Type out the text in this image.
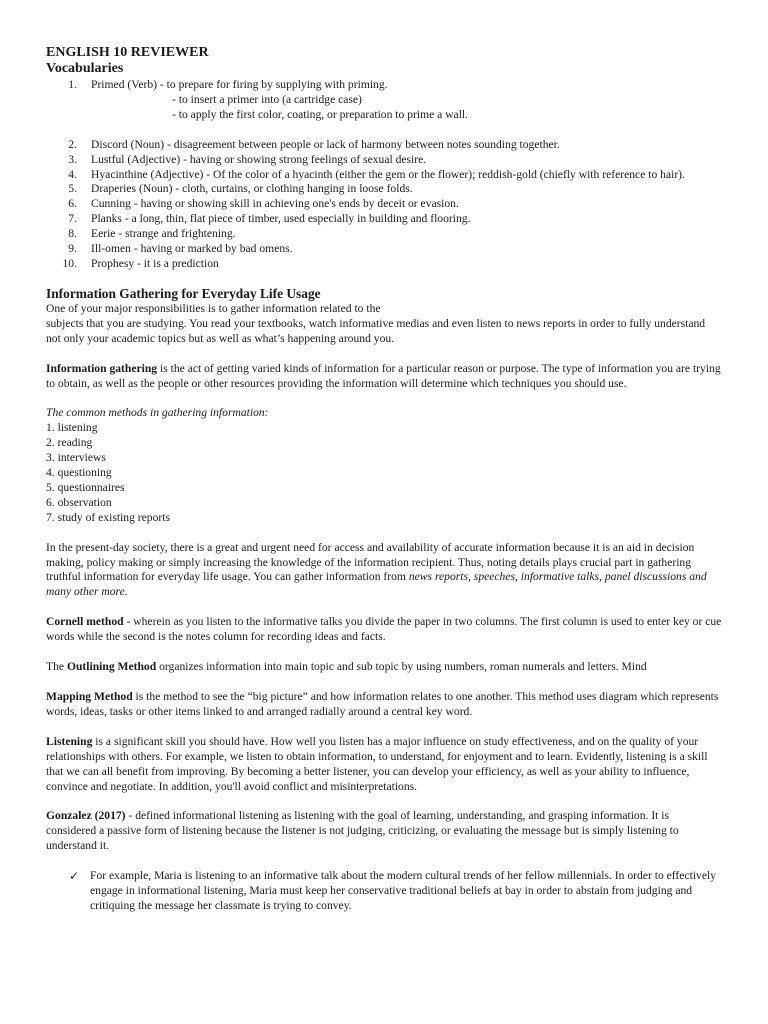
ENGLISH 10 REVIEWER
Vocabularies
1. Primed (Verb) - to prepare for firing by supplying with priming.
- to insert a primer into (a cartridge case)
- to apply the first color, coating, or preparation to prime a wall.
2. Discord (Noun) - disagreement between people or lack of harmony between notes sounding together.
3. Lustful (Adjective) - having or showing strong feelings of sexual desire.
4. Hyacinthine (Adjective) - Of the color of a hyacinth (either the gem or the flower); reddish-gold (chiefly with reference to hair).
5. Draperies (Noun) - cloth, curtains, or clothing hanging in loose folds.
6. Cunning - having or showing skill in achieving one's ends by deceit or evasion.
7. Planks - a long, thin, flat piece of timber, used especially in building and flooring.
8. Eerie - strange and frightening.
9. Ill-omen - having or marked by bad omens.
10. Prophesy - it is a prediction
Information Gathering for Everyday Life Usage

One of your major responsibilities is to gather information related to the
subjects that you are studying. You read your textbooks, watch informative medias and even listen to news reports in order to fully understand not only your academic topics but as well as what’s happening around you.

Information gathering is the act of getting varied kinds of information for a particular reason or purpose. The type of information you are trying to obtain, as well as the people or other resources providing the information will determine which techniques you should use.

The common methods in gathering information:

1. listening
2. reading
3. interviews
4. questioning
5. questionnaires
6. observation
7. study of existing reports

In the present-day society, there is a great and urgent need for access and availability of accurate information because it is an aid in decision making, policy making or simply increasing the knowledge of the information recipient. Thus, noting details plays crucial part in gathering truthful information for everyday life usage. You can gather information from news reports, speeches, informative talks, panel discussions and many other more.

Cornell method - wherein as you listen to the informative talks you divide the paper in two columns. The first column is used to enter key or cue words while the second is the notes column for recording ideas and facts.

The Outlining Method organizes information into main topic and sub topic by using numbers, roman numerals and letters. Mind

Mapping Method is the method to see the “big picture” and how information relates to one another. This method uses diagram which represents words, ideas, tasks or other items linked to and arranged radially around a central key word.

Listening is a significant skill you should have. How well you listen has a major influence on study effectiveness, and on the quality of your relationships with others. For example, we listen to obtain information, to understand, for enjoyment and to learn. Evidently, listening is a skill that we can all benefit from improving. By becoming a better listener, you can develop your efficiency, as well as your ability to influence, convince and negotiate. In addition, you'll avoid conflict and misinterpretations.

Gonzalez (2017) - defined informational listening as listening with the goal of learning, understanding, and grasping information. It is considered a passive form of listening because the listener is not judging, criticizing, or evaluating the message but is simply listening to understand it.

✓ For example, Maria is listening to an informative talk about the modern cultural trends of her fellow millennials. In order to effectively engage in informational listening, Maria must keep her conservative traditional beliefs at bay in order to abstain from judging and critiquing the message her classmate is trying to convey.
